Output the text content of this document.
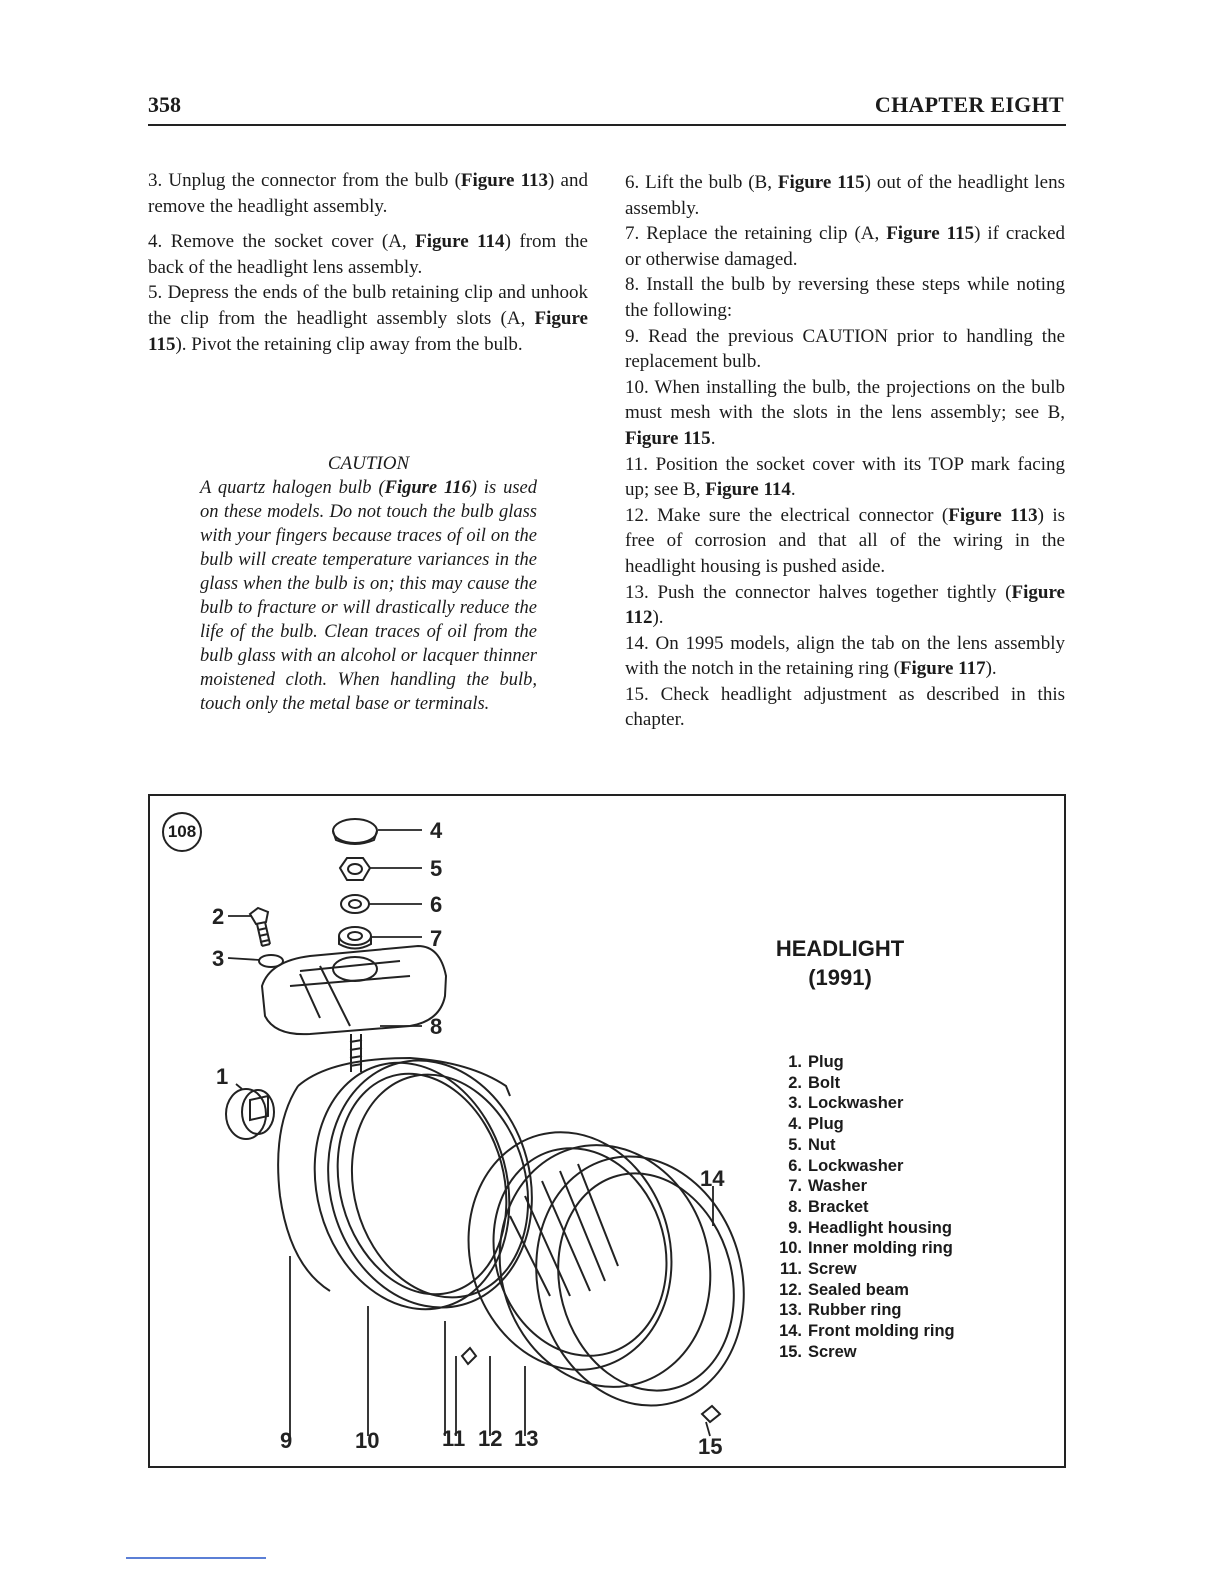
358	CHAPTER EIGHT

3. Unplug the connector from the bulb (Figure 113) and remove the headlight assembly.

4. Remove the socket cover (A, Figure 114) from the back of the headlight lens assembly.

5. Depress the ends of the bulb retaining clip and unhook the clip from the headlight assembly slots (A, Figure 115). Pivot the retaining clip away from the bulb.

CAUTION

A quartz halogen bulb (Figure 116) is used on these models. Do not touch the bulb glass with your fingers because traces of oil on the bulb will create temperature variances in the glass when the bulb is on; this may cause the bulb to fracture or will drastically reduce the life of the bulb. Clean traces of oil from the bulb glass with an alcohol or lacquer thinner moistened cloth. When handling the bulb, touch only the metal base or terminals.

6. Lift the bulb (B, Figure 115) out of the headlight lens assembly.

7. Replace the retaining clip (A, Figure 115) if cracked or otherwise damaged.

8. Install the bulb by reversing these steps while noting the following:

9. Read the previous CAUTION prior to handling the replacement bulb.

10. When installing the bulb, the projections on the bulb must mesh with the slots in the lens assembly; see B, Figure 115.

11. Position the socket cover with its TOP mark facing up; see B, Figure 114.

12. Make sure the electrical connector (Figure 113) is free of corrosion and that all of the wiring in the headlight housing is pushed aside.

13. Push the connector halves together tightly (Figure 112).

14. On 1995 models, align the tab on the lens assembly with the notch in the retaining ring (Figure 117).

15. Check headlight adjustment as described in this chapter.

108	4
5
6
7
8
2
3
1
9	10	11 12 13
14
15
HEADLIGHT
(1991)
1. Plug
2. Bolt
3. Lockwasher
4. Plug
5. Nut
6. Lockwasher
7. Washer
8. Bracket
9. Headlight housing
10. Inner molding ring
11. Screw
12. Sealed beam
13. Rubber ring
14. Front molding ring
15. Screw
